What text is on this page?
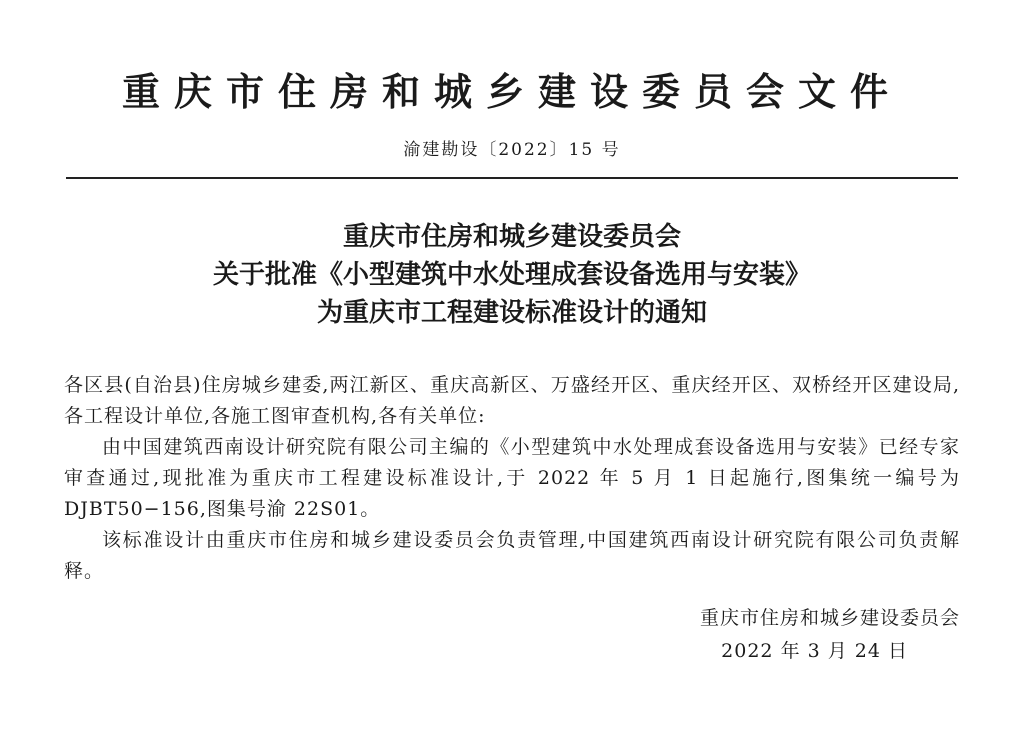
重庆市住房和城乡建设委员会文件
渝建勘设〔2022〕15 号
重庆市住房和城乡建设委员会
关于批准《小型建筑中水处理成套设备选用与安装》
为重庆市工程建设标准设计的通知

各区县(自治县)住房城乡建委,两江新区、重庆高新区、万盛经开区、重庆经开区、双桥经开区建设局,各工程设计单位,各施工图审查机构,各有关单位:

由中国建筑西南设计研究院有限公司主编的《小型建筑中水处理成套设备选用与安装》已经专家审查通过,现批准为重庆市工程建设标准设计,于 2022 年 5 月 1 日起施行,图集统一编号为DJBT50−156,图集号渝 22S01。

该标准设计由重庆市住房和城乡建设委员会负责管理,中国建筑西南设计研究院有限公司负责解释。

重庆市住房和城乡建设委员会
2022 年 3 月 24 日
